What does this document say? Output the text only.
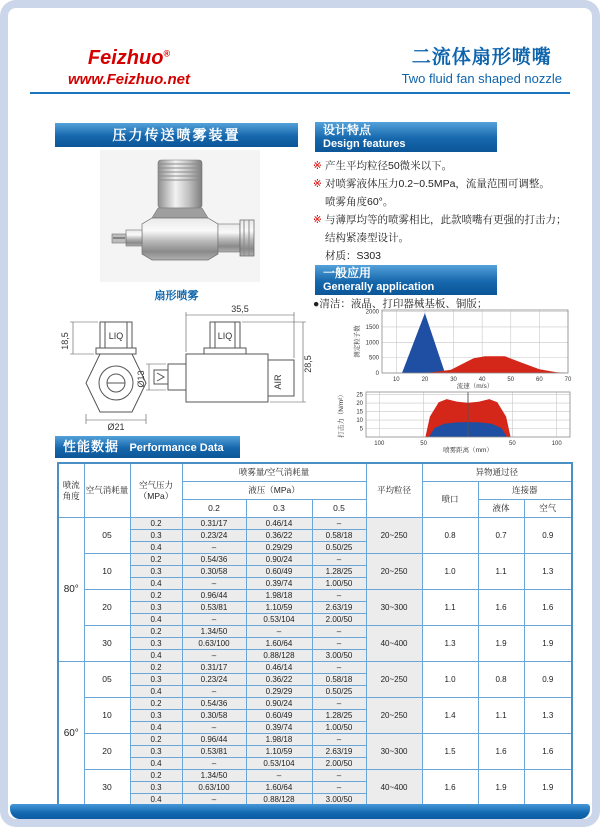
Feizhuo®
www.Feizhuo.net
二流体扇形喷嘴
Two fluid fan shaped nozzle
压力传送喷雾装置
扇形喷雾
LIQ	LIQ
AIR
18,5
Ø21
35,5
Ø13
28,5
设计特点
Design features
※ 产生平均粒径50微米以下。
※ 对喷雾液体压力0.2~0.5MPa，流量范围可调整。
喷雾角度60°。
※ 与薄厚均等的喷雾相比，此款喷嘴有更强的打击力；
结构紧凑型设计。
材质：S303
一般应用
Generally application
●清洁：液晶、打印器械基板、铜版；
10	20	30	40	50	60	70
0
500
1000
1500
2000
流速（m/s）
测定粒子数
100	50	50	100
5
10
15
20
25
喷雾距离（mm）
打击力（N/m²）
性能数据 Performance Data
喷流角度	空气消耗量	空气压力（MPa）	喷雾量/空气消耗量			平均粒径	异物通过径		
			液压（MPa）				喷口	连接器	
			0.2	0.3	0.5			液体	空气
80°	05	0.2	0.31/17	0.46/14	–	20~250	0.8	0.7	0.9
		0.3	0.23/24	0.36/22	0.58/18				
		0.4	–	0.29/29	0.50/25				
	10	0.2	0.54/36	0.90/24	–	20~250	1.0	1.1	1.3
		0.3	0.30/58	0.60/49	1.28/25				
		0.4	–	0.39/74	1.00/50				
	20	0.2	0.96/44	1.98/18	–	30~300	1.1	1.6	1.6
		0.3	0.53/81	1.10/59	2.63/19				
		0.4	–	0.53/104	2.00/50				
	30	0.2	1.34/50	–	–	40~400	1.3	1.9	1.9
		0.3	0.63/100	1.60/64	–				
		0.4	–	0.88/128	3.00/50				
60°	05	0.2	0.31/17	0.46/14	–	20~250	1.0	0.8	0.9
		0.3	0.23/24	0.36/22	0.58/18				
		0.4	–	0.29/29	0.50/25				
	10	0.2	0.54/36	0.90/24	–	20~250	1.4	1.1	1.3
		0.3	0.30/58	0.60/49	1.28/25				
		0.4	–	0.39/74	1.00/50				
	20	0.2	0.96/44	1.98/18	–	30~300	1.5	1.6	1.6
		0.3	0.53/81	1.10/59	2.63/19				
		0.4	–	0.53/104	2.00/50				
	30	0.2	1.34/50	–	–	40~400	1.6	1.9	1.9
		0.3	0.63/100	1.60/64	–				
		0.4	–	0.88/128	3.00/50				
